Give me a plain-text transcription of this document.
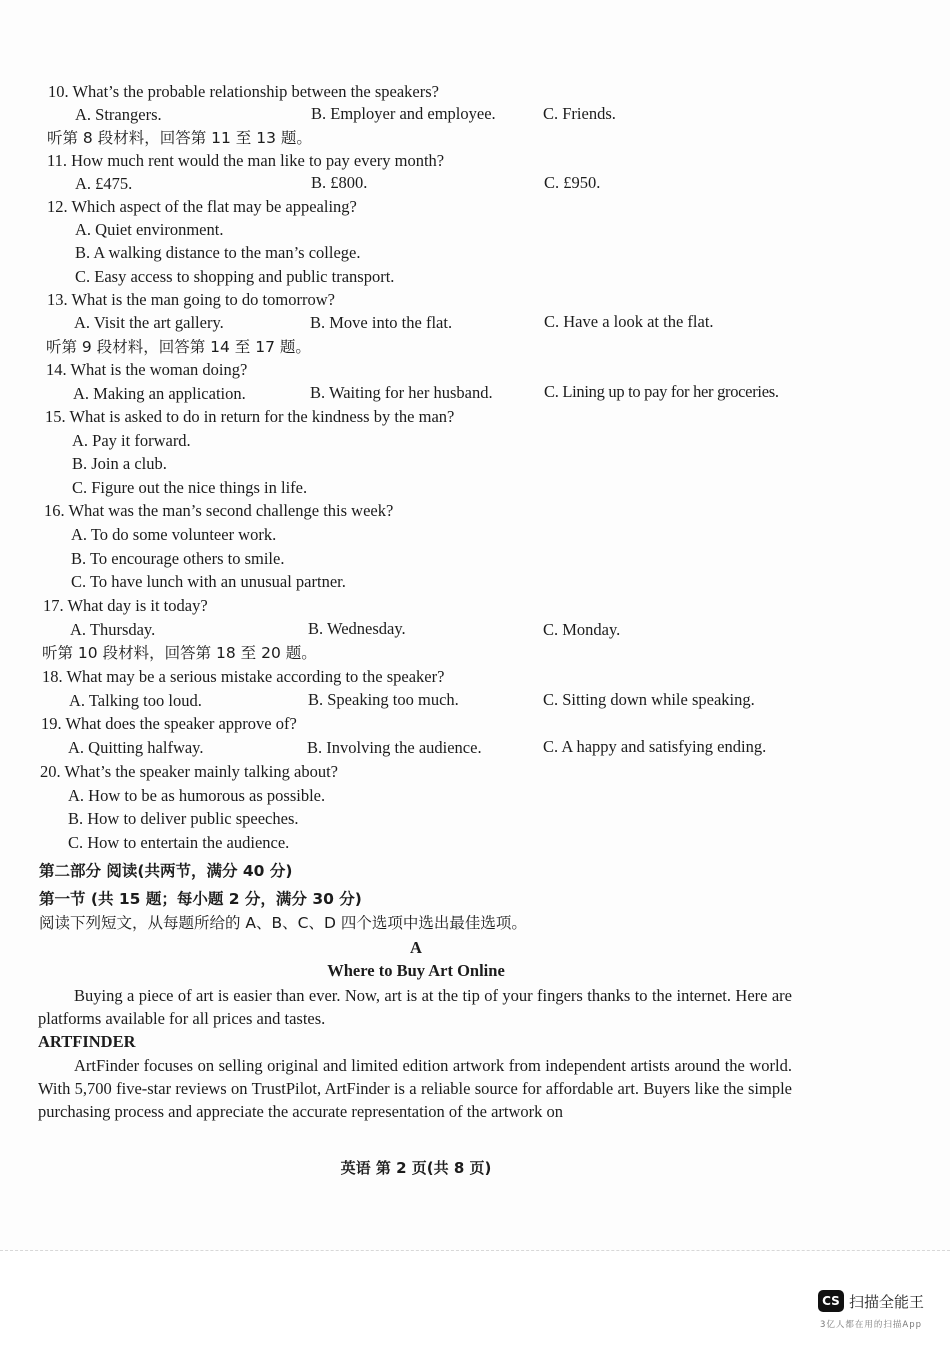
10. What’s the probable relationship between the speakers?
A. Strangers.	B. Employer and employee.	C. Friends.
听第 8 段材料，回答第 11 至 13 题。
11. How much rent would the man like to pay every month?
A. £475.	B. £800.	C. £950.
12. Which aspect of the flat may be appealing?
A. Quiet environment.
B. A walking distance to the man’s college.
C. Easy access to shopping and public transport.
13. What is the man going to do tomorrow?
A. Visit the art gallery.	B. Move into the flat.	C. Have a look at the flat.
听第 9 段材料，回答第 14 至 17 题。
14. What is the woman doing?
A. Making an application.	B. Waiting for her husband.	C. Lining up to pay for her groceries.
15. What is asked to do in return for the kindness by the man?
A. Pay it forward.
B. Join a club.
C. Figure out the nice things in life.
16. What was the man’s second challenge this week?
A. To do some volunteer work.
B. To encourage others to smile.
C. To have lunch with an unusual partner.
17. What day is it today?
A. Thursday.	B. Wednesday.	C. Monday.
听第 10 段材料，回答第 18 至 20 题。
18. What may be a serious mistake according to the speaker?
A. Talking too loud.	B. Speaking too much.	C. Sitting down while speaking.
19. What does the speaker approve of?
A. Quitting halfway.	B. Involving the audience.	C. A happy and satisfying ending.
20. What’s the speaker mainly talking about?
A. How to be as humorous as possible.
B. How to deliver public speeches.
C. How to entertain the audience.
第二部分 阅读(共两节，满分 40 分)
第一节 (共 15 题；每小题 2 分，满分 30 分)
阅读下列短文，从每题所给的 A、B、C、D 四个选项中选出最佳选项。
A
Where to Buy Art Online
Buying a piece of art is easier than ever. Now, art is at the tip of your fingers thanks to the internet. Here are platforms available for all prices and tastes.
ARTFINDER
ArtFinder focuses on selling original and limited edition artwork from independent artists around the world. With 5,700 five-star reviews on TrustPilot, ArtFinder is a reliable source for affordable art. Buyers like the simple purchasing process and appreciate the accurate representation of the artwork on
英语 第 2 页(共 8 页)
CS 扫描全能王
3亿人都在用的扫描App
